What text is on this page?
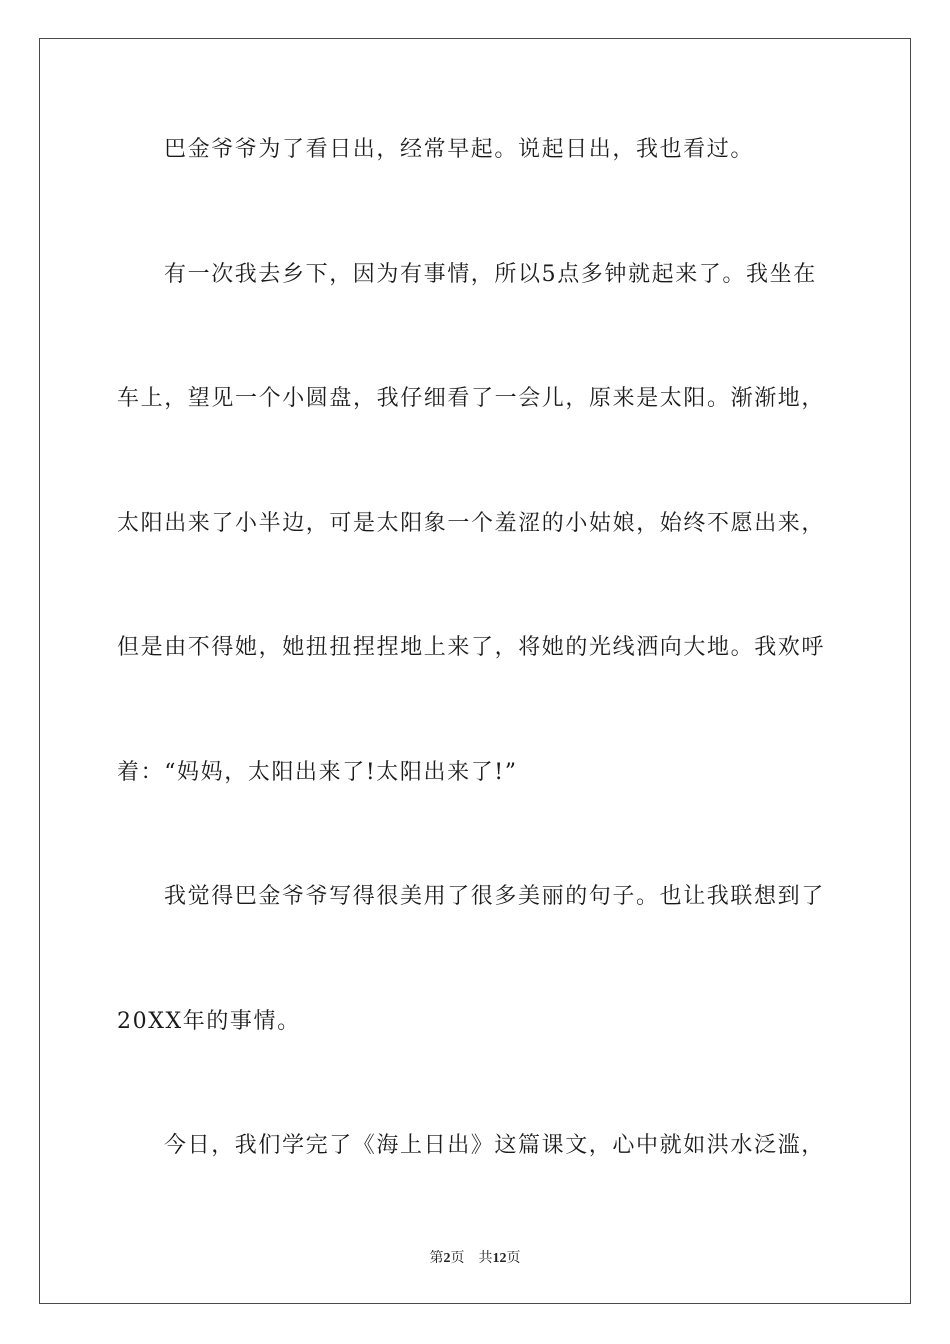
巴金爷爷为了看日出，经常早起。说起日出，我也看过。
有一次我去乡下，因为有事情，所以5点多钟就起来了。我坐在
车上，望见一个小圆盘，我仔细看了一会儿，原来是太阳。渐渐地，
太阳出来了小半边，可是太阳象一个羞涩的小姑娘，始终不愿出来，
但是由不得她，她扭扭捏捏地上来了，将她的光线洒向大地。我欢呼
着：“妈妈，太阳出来了!太阳出来了!”
我觉得巴金爷爷写得很美用了很多美丽的句子。也让我联想到了
20XX年的事情。
今日，我们学完了《海上日出》这篇课文，心中就如洪水泛滥，
第2页 共12页
